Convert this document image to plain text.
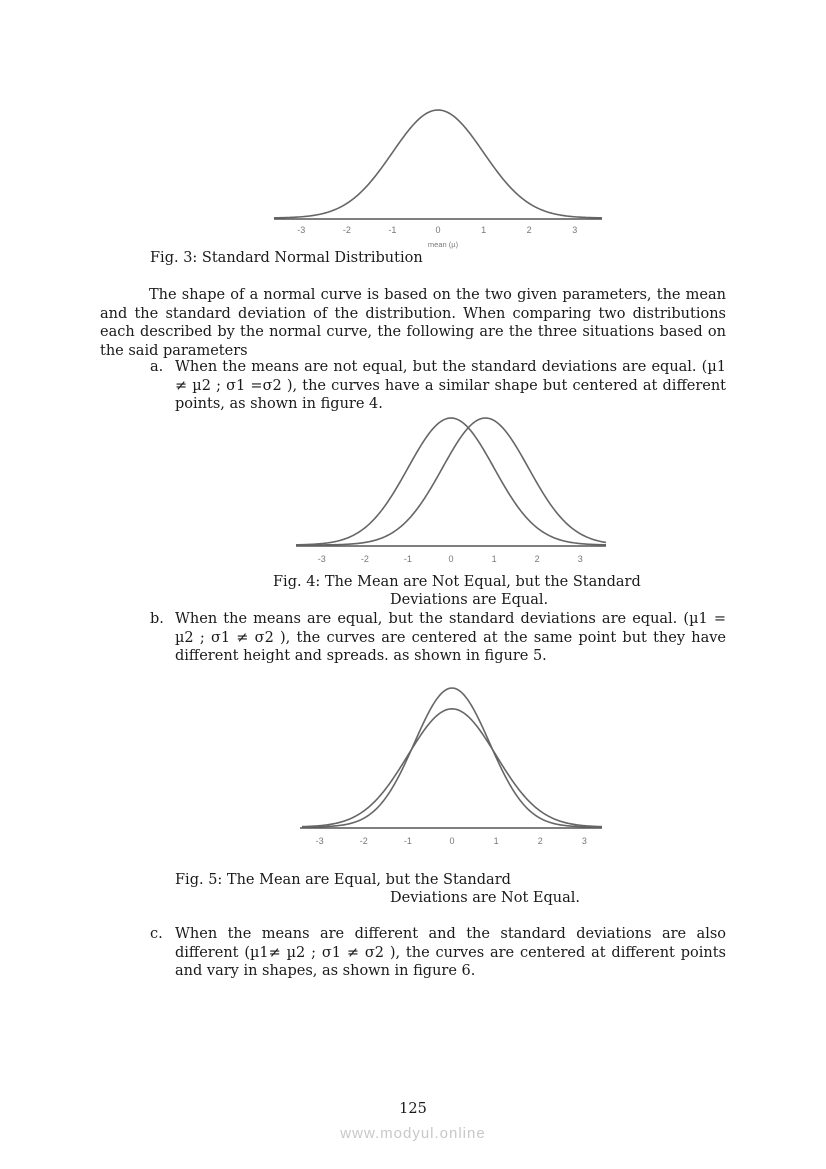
-3	-2	-1	0	1	2	3
mean (µ)
Fig. 3: Standard Normal Distribution
The shape of a normal curve is based on the two given parameters, the mean and the standard deviation of the distribution. When comparing two distributions each described by the normal curve, the following are the three situations based on the said parameters
a. When the means are not equal, but the standard deviations are equal. (µ1 ≠ µ2 ; σ1 =σ2 ), the curves have a similar shape but centered at different points, as shown in figure 4.
-3	-2	-1	0	1	2	3
Fig. 4: The Mean are Not Equal, but the Standard
Deviations are Equal.
b. When the means are equal, but the standard deviations are equal. (µ1 = µ2 ; σ1 ≠ σ2 ), the curves are centered at the same point but they have different height and spreads. as shown in figure 5.
-3	-2	-1	0	1	2	3
Fig. 5: The Mean are Equal, but the Standard
Deviations are Not Equal.
c. When the means are different and the standard deviations are also different (µ1≠ µ2 ; σ1 ≠ σ2 ), the curves are centered at different points and vary in shapes, as shown in figure 6.
125
www.modyul.online
